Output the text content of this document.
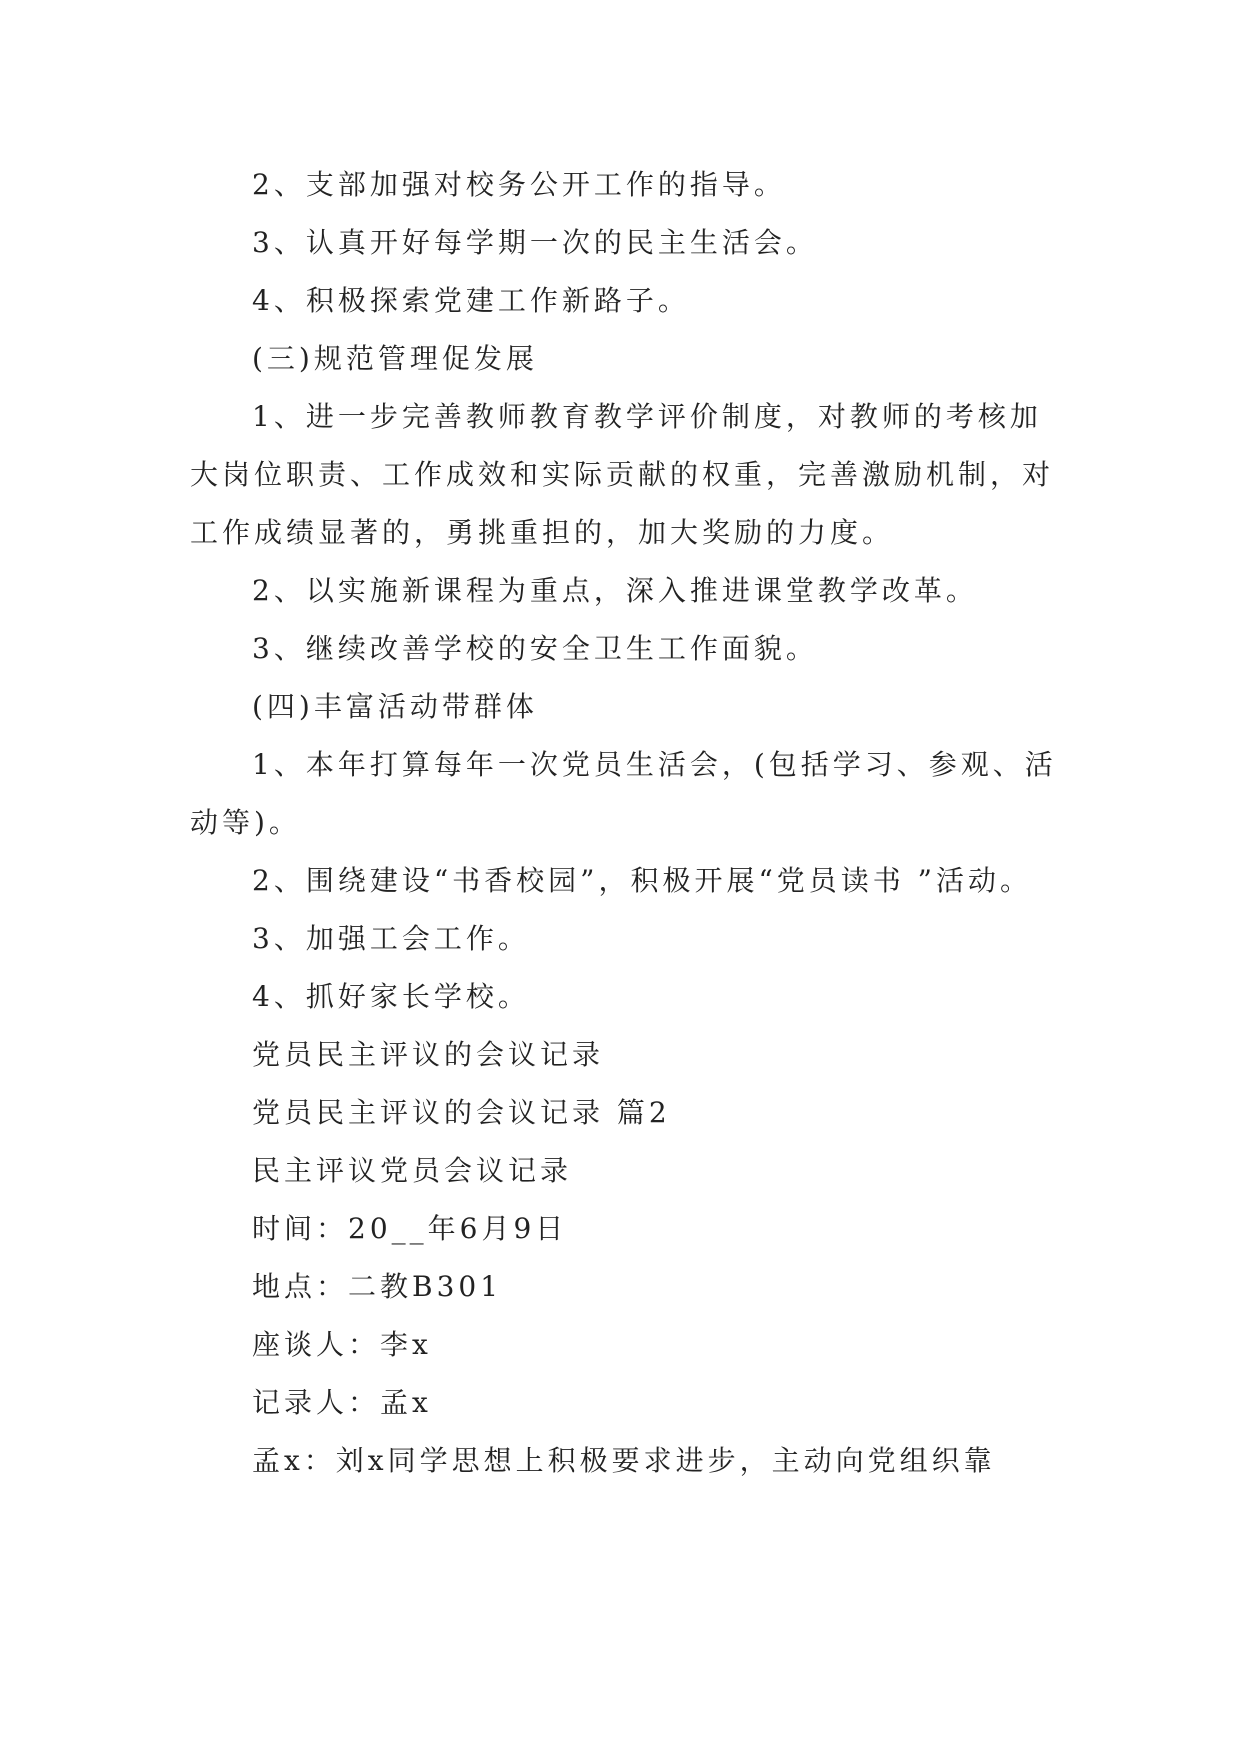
2、支部加强对校务公开工作的指导。

3、认真开好每学期一次的民主生活会。

4、积极探索党建工作新路子。

(三)规范管理促发展

1、进一步完善教师教育教学评价制度，对教师的考核加大岗位职责、工作成效和实际贡献的权重，完善激励机制，对工作成绩显著的，勇挑重担的，加大奖励的力度。

2、以实施新课程为重点，深入推进课堂教学改革。

3、继续改善学校的安全卫生工作面貌。

(四)丰富活动带群体

1、本年打算每年一次党员生活会，(包括学习、参观、活动等)。

2、围绕建设“书香校园”，积极开展“党员读书 ”活动。

3、加强工会工作。

4、抓好家长学校。

党员民主评议的会议记录

党员民主评议的会议记录 篇2

民主评议党员会议记录

时间：20__年6月9日

地点：二教B301

座谈人：李x

记录人：孟x

孟x：刘x同学思想上积极要求进步，主动向党组织靠
